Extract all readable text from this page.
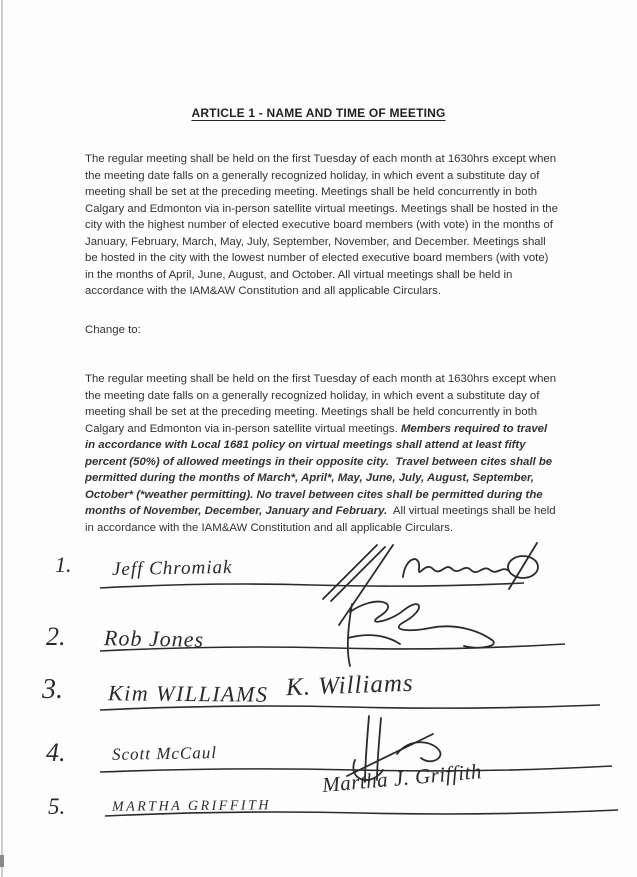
ARTICLE 1 - NAME AND TIME OF MEETING
The regular meeting shall be held on the first Tuesday of each month at 1630hrs except when the meeting date falls on a generally recognized holiday, in which event a substitute day of meeting shall be set at the preceding meeting. Meetings shall be held concurrently in both Calgary and Edmonton via in-person satellite virtual meetings. Meetings shall be hosted in the city with the highest number of elected executive board members (with vote) in the months of January, February, March, May, July, September, November, and December. Meetings shall be hosted in the city with the lowest number of elected executive board members (with vote) in the months of April, June, August, and October. All virtual meetings shall be held in accordance with the IAM&AW Constitution and all applicable Circulars.
Change to:
The regular meeting shall be held on the first Tuesday of each month at 1630hrs except when the meeting date falls on a generally recognized holiday, in which event a substitute day of meeting shall be set at the preceding meeting. Meetings shall be held concurrently in both Calgary and Edmonton via in-person satellite virtual meetings. Members required to travel in accordance with Local 1681 policy on virtual meetings shall attend at least fifty percent (50%) of allowed meetings in their opposite city.  Travel between cites shall be permitted during the months of March*, April*, May, June, July, August, September, October* (*weather permitting). No travel between cites shall be permitted during the months of November, December, January and February.  All virtual meetings shall be held in accordance with the IAM&AW Constitution and all applicable Circulars.
1. Jeff Chromiak
2. Rob Jones
3. Kim WILLIAMS K. Williams
4.	Scott McCaul
5.	MARTHA GRIFFITH
Martha J. Griffith
